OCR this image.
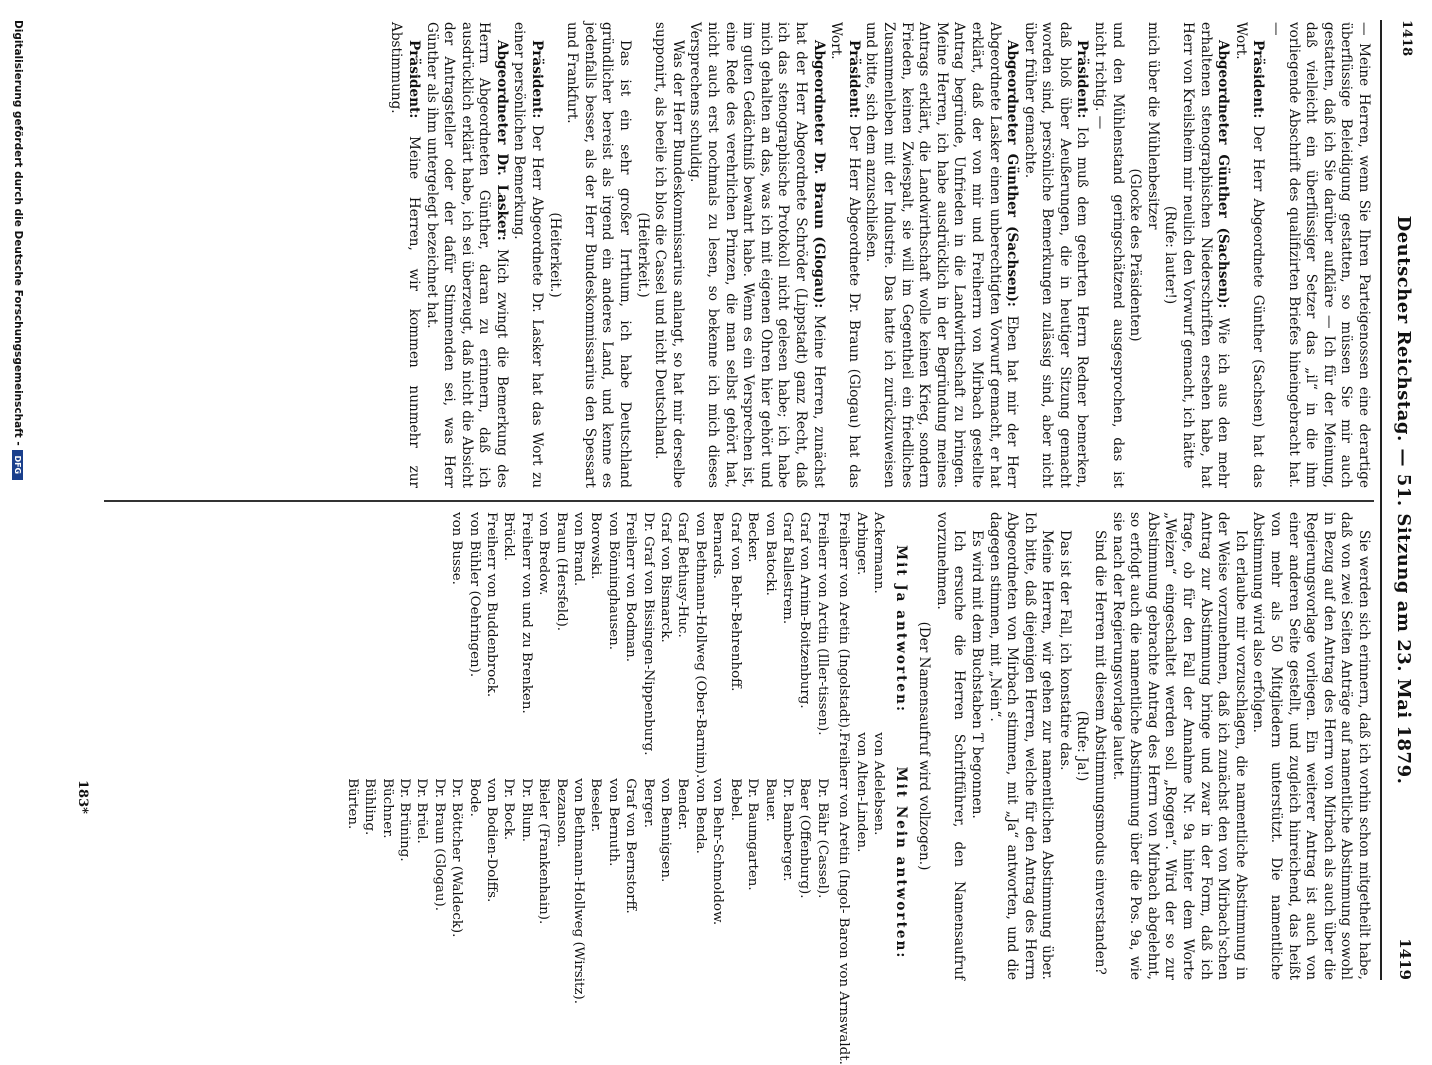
1418
Deutscher Reichstag. — 51. Sitzung am 23. Mai 1879.
1419

— Meine Herren, wenn Sie Ihren Parteigenossen eine derartige überflüssige Beleidigung gestatten, so müssen Sie mir auch gestatten, daß ich Sie darüber aufkläre — Ich für der Meinung, daß vielleicht ein überflüssiger Setzer das „il“ in die ihm vorliegende Abschrift des qualifizirten Briefes hineingebracht hat. —

Präsident: Der Herr Abgeordnete Günther (Sachsen) hat das Wort.

Abgeordneter Günther (Sachsen): Wie ich aus den mehr erhaltenen stenographischen Niederschriften ersehen habe, hat Herr von Kreilsheim mir neulich den Vorwurf gemacht, ich hätte

(Rufe: lauter!)

mich über die Mühlenbesitzer

(Glocke des Präsidenten)

und den Mühlenstand geringschätzend ausgesprochen, das ist nicht richtig. —

Präsident: Ich muß dem geehrten Herrn Redner bemerken, daß bloß über Aeußerungen, die in heutiger Sitzung gemacht worden sind, persönliche Bemerkungen zulässig sind, aber nicht über früher gemachte.

Abgeordneter Günther (Sachsen): Eben hat mir der Herr Abgeordnete Lasker einen unberechtigten Vorwurf gemacht, er hat erklärt, daß der von mir und Freiherrn von Mirbach gestellte Antrag begründe, Unfrieden in die Landwirthschaft zu bringen. Meine Herren, ich habe ausdrücklich in der Begründung meines Antrags erklärt, die Landwirthschaft wolle keinen Krieg, sondern Frieden, keinen Zwiespalt, sie will im Gegentheil ein friedliches Zusammenleben mit der Industrie. Das hatte ich zurückzuweisen und bitte, sich dem anzuschließen.

Präsident: Der Herr Abgeordnete Dr. Braun (Glogau) hat das Wort.

Abgeordneter Dr. Braun (Glogau): Meine Herren, zunächst hat der Herr Abgeordnete Schröder (Lippstadt) ganz Recht, daß ich das stenographische Protokoll nicht gelesen habe; ich habe mich gehalten an das, was ich mit eigenen Ohren hier gehört und im guten Gedächtniß bewahrt habe. Wenn es ein Versprechen ist, eine Rede des verehrlichen Prinzen, die man selbst gehört hat, nicht auch erst nochmals zu lesen, so bekenne ich mich dieses Versprechens schuldig.

Was der Herr Bundeskommissarius anlangt, so hat mir derselbe supponirt, als beeile ich blos die Cassel und nicht Deutschland.

(Heiterkeit.)

Das ist ein sehr großer Irrthum, ich habe Deutschland gründlicher bereist als irgend ein anderes Land, und kenne es jedenfalls besser, als der Herr Bundeskommissarius den Spessart und Frankfurt.

(Heiterkeit.)

Präsident: Der Herr Abgeordnete Dr. Lasker hat das Wort zu einer persönlichen Bemerkung.

Abgeordneter Dr. Lasker: Mich zwingt die Bemerkung des Herrn Abgeordneten Günther, daran zu erinnern, daß ich ausdrücklich erklärt habe, ich sei überzeugt, daß nicht die Absicht der Antragsteller oder der dafür Stimmenden sei, was Herr Günther als ihm untergelegt bezeichnet hat.

Präsident: Meine Herren, wir kommen nunmehr zur Abstimmung.

Sie werden sich erinnern, daß ich vorhin schon mitgetheilt habe, daß von zwei Seiten Anträge auf namentliche Abstimmung sowohl in Bezug auf den Antrag des Herrn von Mirbach als auch über die Regierungsvorlage vorliegen. Ein weiterer Antrag ist auch von einer anderen Seite gestellt, und zugleich hinreichend, das heißt von mehr als 50 Mitgliedern unterstützt. Die namentliche Abstimmung wird also erfolgen.

Ich erlaube mir vorzuschlagen, die namentliche Abstimmung in der Weise vorzunehmen, daß ich zunächst den von Mirbach'schen Antrag zur Abstimmung bringe und zwar in der Form, daß ich frage, ob für den Fall der Annahme Nr. 9a hinter dem Worte „Weizen“ eingeschaltet werden soll „Roggen“. Wird der so zur Abstimmung gebrachte Antrag des Herrn von Mirbach abgelehnt, so erfolgt auch die namentliche Abstimmung über die Pos. 9a, wie sie nach der Regierungsvorlage lautet.

Sind die Herren mit diesem Abstimmungsmodus einverstanden?

(Rufe: Ja!)

Das ist der Fall, ich konstatire das.

Meine Herren, wir gehen zur namentlichen Abstimmung über. Ich bitte, daß diejenigen Herren, welche für den Antrag des Herrn Abgeordneten von Mirbach stimmen, mit „Ja“ antworten, und die dagegen stimmen, mit „Nein“.

Es wird mit dem Buchstaben T begonnen.

Ich ersuche die Herren Schriftführer, den Namensaufruf vorzunehmen.

(Der Namensaufruf wird vollzogen.)

Mit Ja antworten:
Mit Nein antworten:
Ackermann.
Arbinger.
Freiherr von Aretin (Ingolstadt).
von Adelebsen.
von Alten-Linden.
Freiherr von Aretin (Ingol- Baron von Arnswaldt.
Freiherr von Arctin (Iller-tissen).
Graf von Arnim-Boitzenburg.
Graf Ballestrem.
von Batocki.
Becker.
Graf von Behr-Behrenhoff.
Bernards.
von Bethmann-Hollweg (Ober-Barnim).
Graf Bethusy-Huc.
Graf von Bismarck.
Dr. Graf von Bissingen-Nippenburg.
Freiherr von Bodman.
von Bönninghausen.
Borowski.
von Brand.
Braun (Hersfeld).
von Bredow.
Freiherr von und zu Brenken.
Brückl.
Freiherr von Buddenbrock.
von Bühler (Oehringen).
von Busse.
Dr. Bähr (Cassel).
Baer (Offenburg).
Dr. Bamberger.
Bauer.
Dr. Baumgarten.
Bebel.
von Behr-Schmoldow.
von Benda.
Bender.
von Bennigsen.
Berger.
Graf von Bernstorff.
von Bernuth.
Beseler.
von Bethmann-Hollweg (Wirsitz).
Bezanson.
Bieler (Frankenhain).
Dr. Blum.
Dr. Bock.
von Bodien-Dolffs.
Bode.
Dr. Böttcher (Waldeck).
Dr. Braun (Glogau).
Dr. Brüel.
Dr. Brüning.
Büchner.
Bühling.
Bürten.
183*
Digitalisierung gefördert durch die Deutsche Forschungsgemeinschaft -
DFG
